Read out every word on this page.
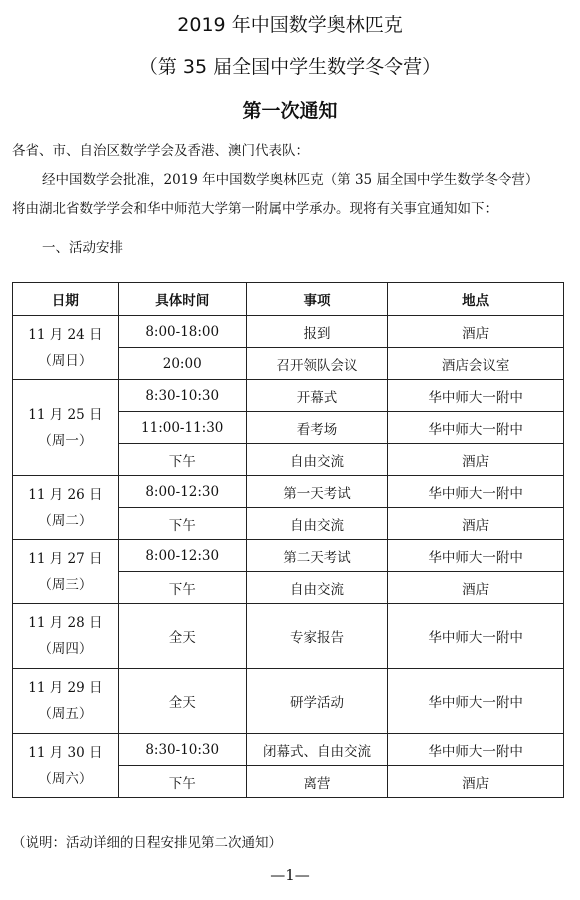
2019 年中国数学奥林匹克
（第 35 届全国中学生数学冬令营）
第一次通知
各省、市、自治区数学学会及香港、澳门代表队：
经中国数学会批准，2019 年中国数学奥林匹克（第 35 届全国中学生数学冬令营）
将由湖北省数学学会和华中师范大学第一附属中学承办。现将有关事宜通知如下：
一、活动安排
日期	具体时间	事项	地点

11 月 24 日
（周日）	8:00-18:00	报到	酒店
	20:00	召开领队会议	酒店会议室

11 月 25 日
（周一）	8:30-10:30	开幕式	华中师大一附中
	11:00-11:30	看考场	华中师大一附中
	下午	自由交流	酒店

11 月 26 日
（周二）	8:00-12:30	第一天考试	华中师大一附中
	下午	自由交流	酒店

11 月 27 日
（周三）	8:00-12:30	第二天考试	华中师大一附中
	下午	自由交流	酒店

11 月 28 日
（周四）	全天	专家报告	华中师大一附中

11 月 29 日
（周五）	全天	研学活动	华中师大一附中

11 月 30 日
（周六）	8:30-10:30	闭幕式、自由交流	华中师大一附中
	下午	离营	酒店
（说明：活动详细的日程安排见第二次通知）
—1—
